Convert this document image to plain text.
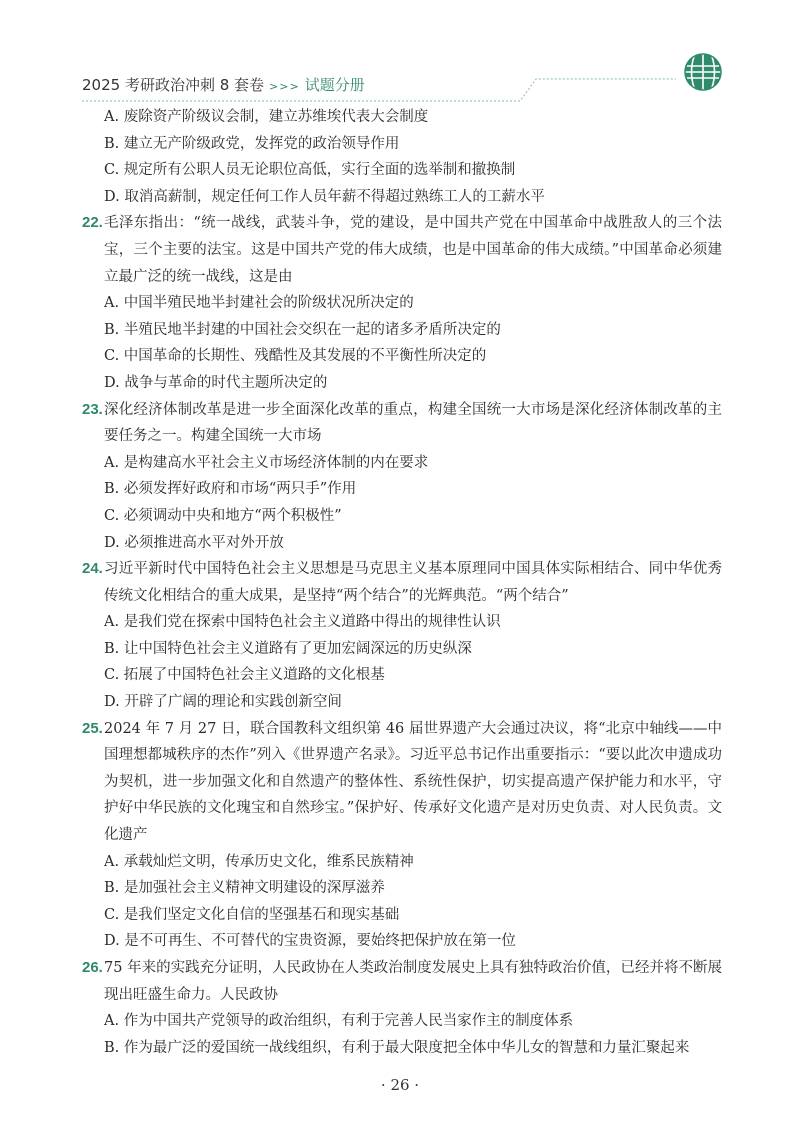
2025 考研政治冲刺 8 套卷 >>> 试题分册
A. 废除资产阶级议会制，建立苏维埃代表大会制度
B. 建立无产阶级政党，发挥党的政治领导作用
C. 规定所有公职人员无论职位高低，实行全面的选举制和撤换制
D. 取消高薪制，规定任何工作人员年薪不得超过熟练工人的工薪水平
22. 毛泽东指出：“统一战线，武装斗争，党的建设，是中国共产党在中国革命中战胜敌人的三个法宝，三个主要的法宝。这是中国共产党的伟大成绩，也是中国革命的伟大成绩。”中国革命必须建立最广泛的统一战线，这是由
A. 中国半殖民地半封建社会的阶级状况所决定的
B. 半殖民地半封建的中国社会交织在一起的诸多矛盾所决定的
C. 中国革命的长期性、残酷性及其发展的不平衡性所决定的
D. 战争与革命的时代主题所决定的
23. 深化经济体制改革是进一步全面深化改革的重点，构建全国统一大市场是深化经济体制改革的主要任务之一。构建全国统一大市场
A. 是构建高水平社会主义市场经济体制的内在要求
B. 必须发挥好政府和市场“两只手”作用
C. 必须调动中央和地方“两个积极性”
D. 必须推进高水平对外开放
24. 习近平新时代中国特色社会主义思想是马克思主义基本原理同中国具体实际相结合、同中华优秀传统文化相结合的重大成果，是坚持“两个结合”的光辉典范。“两个结合”
A. 是我们党在探索中国特色社会主义道路中得出的规律性认识
B. 让中国特色社会主义道路有了更加宏阔深远的历史纵深
C. 拓展了中国特色社会主义道路的文化根基
D. 开辟了广阔的理论和实践创新空间
25. 2024 年 7 月 27 日，联合国教科文组织第 46 届世界遗产大会通过决议，将“北京中轴线——中国理想都城秩序的杰作”列入《世界遗产名录》。习近平总书记作出重要指示：“要以此次申遗成功为契机，进一步加强文化和自然遗产的整体性、系统性保护，切实提高遗产保护能力和水平，守护好中华民族的文化瑰宝和自然珍宝。”保护好、传承好文化遗产是对历史负责、对人民负责。文化遗产
A. 承载灿烂文明，传承历史文化，维系民族精神
B. 是加强社会主义精神文明建设的深厚滋养
C. 是我们坚定文化自信的坚强基石和现实基础
D. 是不可再生、不可替代的宝贵资源，要始终把保护放在第一位
26. 75 年来的实践充分证明，人民政协在人类政治制度发展史上具有独特政治价值，已经并将不断展现出旺盛生命力。人民政协
A. 作为中国共产党领导的政治组织，有利于完善人民当家作主的制度体系
B. 作为最广泛的爱国统一战线组织，有利于最大限度把全体中华儿女的智慧和力量汇聚起来
· 26 ·
